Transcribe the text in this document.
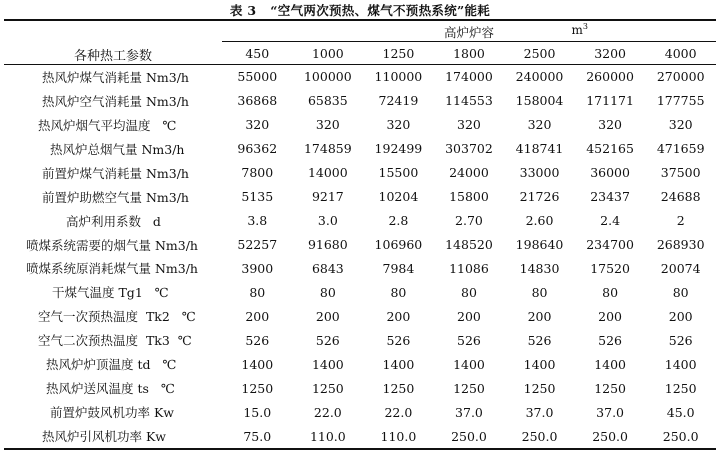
表 3   “空气两次预热、煤气不预热系统”能耗
各种热工参数	高炉炉容 $m^3$

	450	1000	1250	1800	2500	3200	4000
热风炉煤气消耗量 Nm3/h	55000	100000	110000	174000	240000	260000	270000
热风炉空气消耗量 Nm3/h	36868	65835	72419	114553	158004	171171	177755
热风炉烟气平均温度   ℃	320	320	320	320	320	320	320
热风炉总烟气量 Nm3/h	96362	174859	192499	303702	418741	452165	471659
前置炉煤气消耗量 Nm3/h	7800	14000	15500	24000	33000	36000	37500
前置炉助燃空气量 Nm3/h	5135	9217	10204	15800	21726	23437	24688
高炉利用系数   d	3.8	3.0	2.8	2.70	2.60	2.4	2
喷煤系统需要的烟气量 Nm3/h	52257	91680	106960	148520	198640	234700	268930
喷煤系统原消耗煤气量 Nm3/h	3900	6843	7984	11086	14830	17520	20074
干煤气温度 Tg1   ℃	80	80	80	80	80	80	80
空气一次预热温度  Tk2   ℃	200	200	200	200	200	200	200
空气二次预热温度  Tk3  ℃	526	526	526	526	526	526	526
热风炉炉顶温度 td   ℃	1400	1400	1400	1400	1400	1400	1400
热风炉送风温度 ts   ℃	1250	1250	1250	1250	1250	1250	1250
前置炉鼓风机功率 Kw	15.0	22.0	22.0	37.0	37.0	37.0	45.0
热风炉引风机功率 Kw	75.0	110.0	110.0	250.0	250.0	250.0	250.0
